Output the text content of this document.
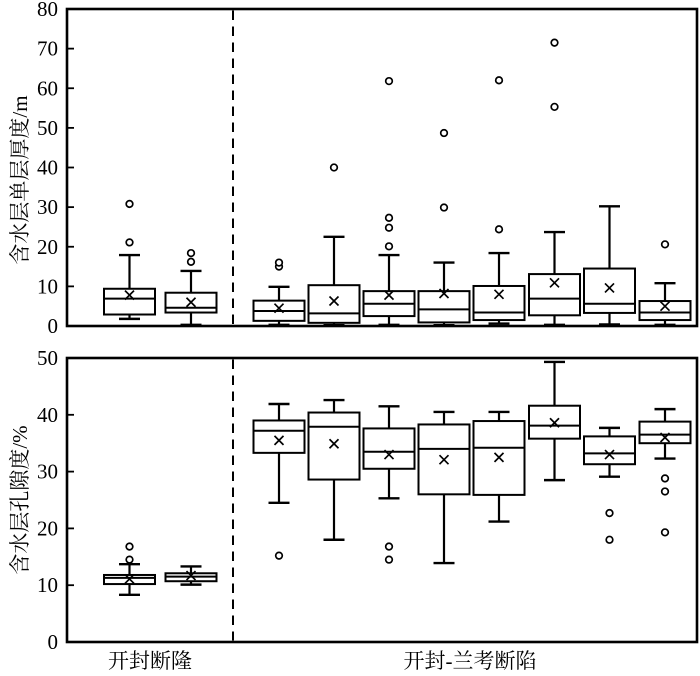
含水层单层厚度/m
含水层孔隙度/%
0
10
20
30
40
50
60
70
80
0
10
20
30
40
50
开封断隆	开封-兰考断陷
